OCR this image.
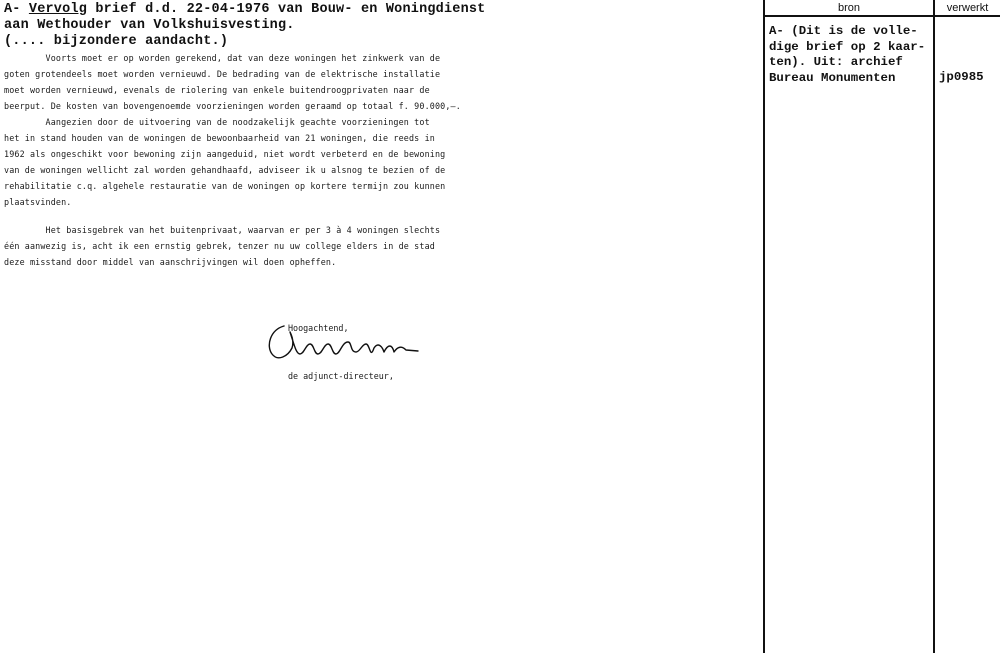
A- Vervolg brief d.d. 22-04-1976 van Bouw- en Woningdienst
aan Wethouder van Volkshuisvesting.
(.... bijzondere aandacht.)
Voorts moet er op worden gerekend, dat van deze woningen het zinkwerk van de
goten grotendeels moet worden vernieuwd. De bedrading van de elektrische installatie
moet worden vernieuwd, evenals de riolering van enkele buitendroogprivaten naar de
beerput. De kosten van bovengenoemde voorzieningen worden geraamd op totaal f. 90.000,—.
Aangezien door de uitvoering van de noodzakelijk geachte voorzieningen tot
het in stand houden van de woningen de bewoonbaarheid van 21 woningen, die reeds in
1962 als ongeschikt voor bewoning zijn aangeduid, niet wordt verbeterd en de bewoning
van de woningen wellicht zal worden gehandhaafd, adviseer ik u alsnog te bezien of de
rehabilitatie c.q. algehele restauratie van de woningen op kortere termijn zou kunnen
plaatsvinden.
Het basisgebrek van het buitenprivaat, waarvan er per 3 à 4 woningen slechts
één aanwezig is, acht ik een ernstig gebrek, tenzer nu uw college elders in de stad
deze misstand door middel van aanschrijvingen wil doen opheffen.

Hoogachtend,

de adjunct-directeur,

bron	verwerkt
A- (Dit is de volle-
dige brief op 2 kaar-
ten). Uit: archief
Bureau Monumenten	jp0985
